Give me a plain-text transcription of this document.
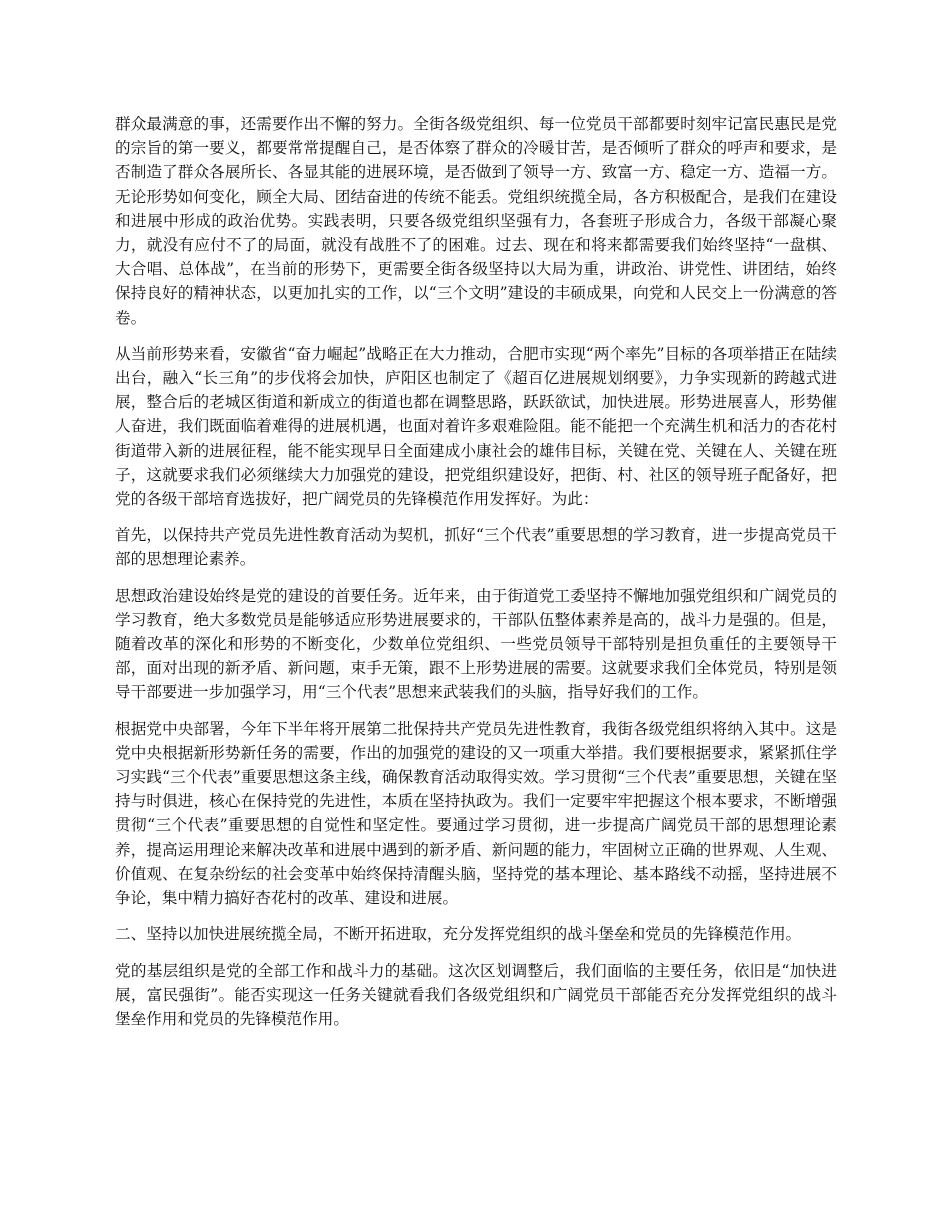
群众最满意的事，还需要作出不懈的努力。全街各级党组织、每一位党员干部都要时刻牢记富民惠民是党的宗旨的第一要义，都要常常提醒自己，是否体察了群众的冷暖甘苦，是否倾听了群众的呼声和要求，是否制造了群众各展所长、各显其能的进展环境，是否做到了领导一方、致富一方、稳定一方、造福一方。无论形势如何变化，顾全大局、团结奋进的传统不能丢。党组织统揽全局，各方积极配合，是我们在建设和进展中形成的政治优势。实践表明，只要各级党组织坚强有力，各套班子形成合力，各级干部凝心聚力，就没有应付不了的局面，就没有战胜不了的困难。过去、现在和将来都需要我们始终坚持“一盘棋、大合唱、总体战”，在当前的形势下，更需要全街各级坚持以大局为重，讲政治、讲党性、讲团结，始终保持良好的精神状态，以更加扎实的工作，以“三个文明”建设的丰硕成果，向党和人民交上一份满意的答卷。

从当前形势来看，安徽省“奋力崛起”战略正在大力推动，合肥市实现“两个率先”目标的各项举措正在陆续出台，融入“长三角”的步伐将会加快，庐阳区也制定了《超百亿进展规划纲要》，力争实现新的跨越式进展，整合后的老城区街道和新成立的街道也都在调整思路，跃跃欲试，加快进展。形势进展喜人，形势催人奋进，我们既面临着难得的进展机遇，也面对着许多艰难险阻。能不能把一个充满生机和活力的杏花村街道带入新的进展征程，能不能实现早日全面建成小康社会的雄伟目标，关键在党、关键在人、关键在班子，这就要求我们必须继续大力加强党的建设，把党组织建设好，把街、村、社区的领导班子配备好，把党的各级干部培育选拔好，把广阔党员的先锋模范作用发挥好。为此：

首先，以保持共产党员先进性教育活动为契机，抓好“三个代表”重要思想的学习教育，进一步提高党员干部的思想理论素养。

思想政治建设始终是党的建设的首要任务。近年来，由于街道党工委坚持不懈地加强党组织和广阔党员的学习教育，绝大多数党员是能够适应形势进展要求的，干部队伍整体素养是高的，战斗力是强的。但是，随着改革的深化和形势的不断变化，少数单位党组织、一些党员领导干部特别是担负重任的主要领导干部，面对出现的新矛盾、新问题，束手无策，跟不上形势进展的需要。这就要求我们全体党员，特别是领导干部要进一步加强学习，用“三个代表”思想来武装我们的头脑，指导好我们的工作。

根据党中央部署，今年下半年将开展第二批保持共产党员先进性教育，我街各级党组织将纳入其中。这是党中央根据新形势新任务的需要，作出的加强党的建设的又一项重大举措。我们要根据要求，紧紧抓住学习实践“三个代表”重要思想这条主线，确保教育活动取得实效。学习贯彻“三个代表”重要思想，关键在坚持与时俱进，核心在保持党的先进性，本质在坚持执政为。我们一定要牢牢把握这个根本要求，不断增强贯彻“三个代表”重要思想的自觉性和坚定性。要通过学习贯彻，进一步提高广阔党员干部的思想理论素养，提高运用理论来解决改革和进展中遇到的新矛盾、新问题的能力，牢固树立正确的世界观、人生观、价值观、在复杂纷纭的社会变革中始终保持清醒头脑，坚持党的基本理论、基本路线不动摇，坚持进展不争论，集中精力搞好杏花村的改革、建设和进展。

二、坚持以加快进展统揽全局，不断开拓进取，充分发挥党组织的战斗堡垒和党员的先锋模范作用。

党的基层组织是党的全部工作和战斗力的基础。这次区划调整后，我们面临的主要任务，依旧是“加快进展，富民强街”。能否实现这一任务关键就看我们各级党组织和广阔党员干部能否充分发挥党组织的战斗堡垒作用和党员的先锋模范作用。
